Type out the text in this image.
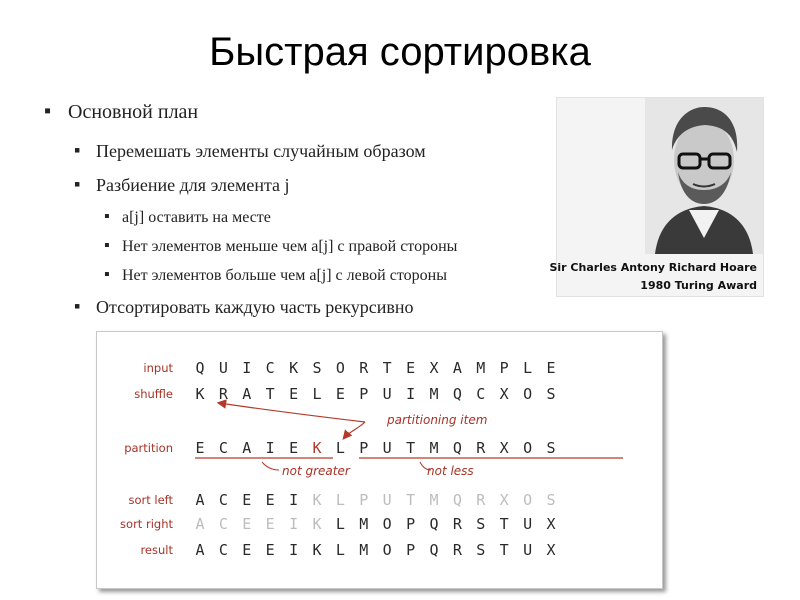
Быстрая сортировка
▪ Основной план
▪ Перемешать элементы случайным образом
▪ Разбиение для элемента j
▪ a[j] оставить на месте
▪ Нет элементов меньше чем a[j] с правой стороны
▪ Нет элементов больше чем a[j] с левой стороны
▪ Отсортировать каждую часть рекурсивно
Sir Charles Antony Richard Hoare
1980 Turing Award
partitioning item
not greater	not less
input Q U I C K S O R T E X A M P L E
shuffle K R A T E L E P U I M Q C X O S
partition E C A I E K L P U T M Q R X O S
sort left A C E E I K L P U T M Q R X O S
sort right A C E E I K L M O P Q R S T U X
result A C E E I K L M O P Q R S T U X
